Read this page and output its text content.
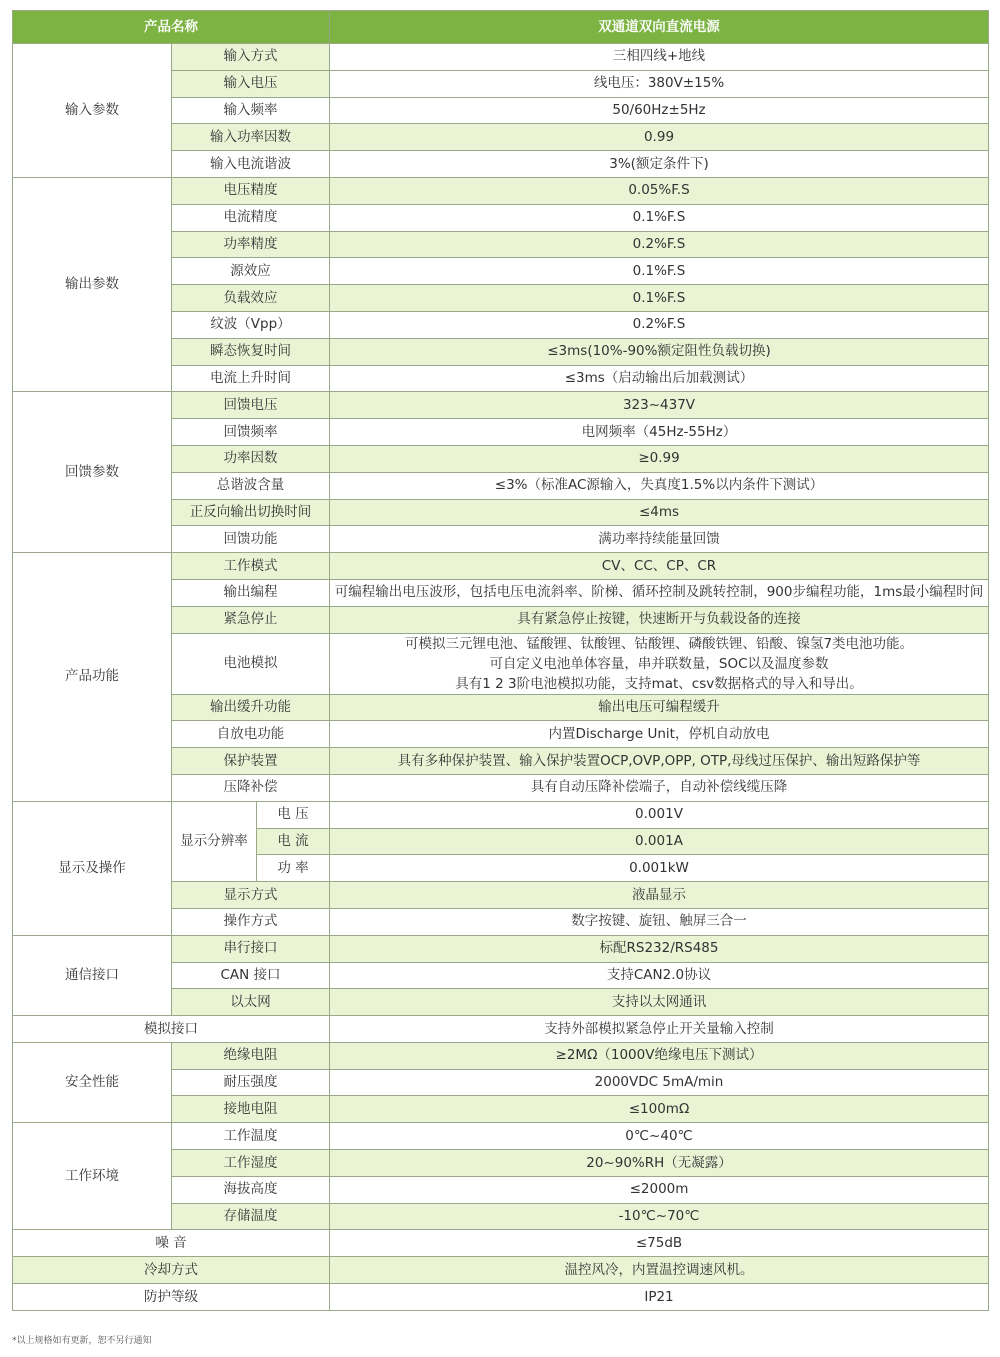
产品名称			双通道双向直流电源
输入参数	输入方式		三相四线+地线
	输入电压		线电压：380V±15%
	输入频率		50/60Hz±5Hz
	输入功率因数		0.99
	输入电流谐波		3%(额定条件下)
输出参数	电压精度		0.05%F.S
	电流精度		0.1%F.S
	功率精度		0.2%F.S
	源效应		0.1%F.S
	负载效应		0.1%F.S
	纹波（Vpp）		0.2%F.S
	瞬态恢复时间		≤3ms(10%-90%额定阻性负载切换)
	电流上升时间		≤3ms（启动输出后加载测试）
回馈参数	回馈电压		323~437V
	回馈频率		电网频率（45Hz-55Hz）
	功率因数		≥0.99
	总谐波含量		≤3%（标准AC源输入，失真度1.5%以内条件下测试）
	正反向输出切换时间		≤4ms
	回馈功能		满功率持续能量回馈
产品功能	工作模式		CV、CC、CP、CR
	输出编程		可编程输出电压波形，包括电压电流斜率、阶梯、循环控制及跳转控制，900步编程功能，1ms最小编程时间
	紧急停止		具有紧急停止按键，快速断开与负载设备的连接
	电池模拟		可模拟三元锂电池、锰酸锂、钛酸锂、钴酸锂、磷酸铁锂、铅酸、镍氢7类电池功能。
可自定义电池单体容量，串并联数量，SOC以及温度参数
具有1 2 3阶电池模拟功能，支持mat、csv数据格式的导入和导出。

	输出缓升功能		输出电压可编程缓升
	自放电功能		内置Discharge Unit，停机自动放电
	保护装置		具有多种保护装置、输入保护装置OCP,OVP,OPP, OTP,母线过压保护、输出短路保护等
	压降补偿		具有自动压降补偿端子，自动补偿线缆压降
显示及操作	显示分辨率	电 压	0.001V
		电 流	0.001A
		功 率	0.001kW
	显示方式		液晶显示
	操作方式		数字按键、旋钮、触屏三合一
通信接口	串行接口		标配RS232/RS485
	CAN 接口		支持CAN2.0协议
	以太网		支持以太网通讯
模拟接口			支持外部模拟紧急停止开关量输入控制
安全性能	绝缘电阻		≥2MΩ（1000V绝缘电压下测试）
	耐压强度		2000VDC 5mA/min
	接地电阻		≤100mΩ
工作环境	工作温度		0℃~40℃
	工作湿度		20~90%RH（无凝露）
	海拔高度		≤2000m
	存储温度		-10℃~70℃
噪 音			≤75dB
冷却方式			温控风冷，内置温控调速风机。
防护等级			IP21
*以上规格如有更新，恕不另行通知
